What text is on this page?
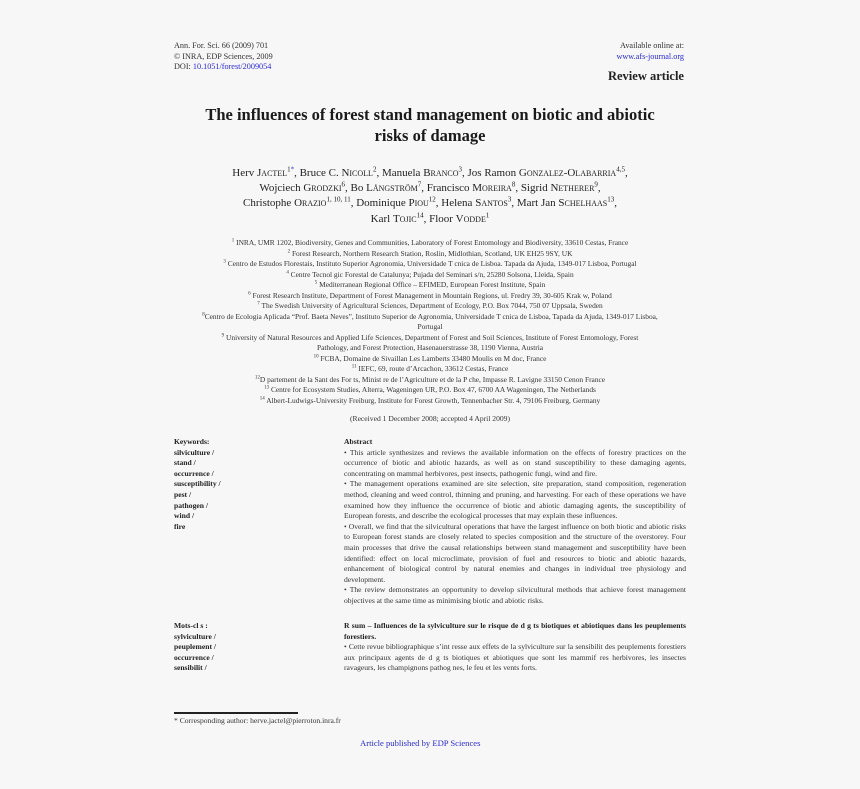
Ann. For. Sci. 66 (2009) 701
© INRA, EDP Sciences, 2009
DOI: 10.1051/forest/2009054
Available online at:
www.afs-journal.org
Review article
The influences of forest stand management on biotic and abiotic
risks of damage
Herv Jactel$^{1*}$, Bruce C. Nicoll$^2$, Manuela Branco$^3$, Jos Ramon Gonzalez-Olabarria$^{4,5}$,
Wojciech Grodzki$^6$, Bo Långström$^7$, Francisco Moreira$^8$, Sigrid Netherer$^9$,
Christophe Orazio$^{1, 10, 11}$, Dominique Piou$^{12}$, Helena Santos$^3$, Mart Jan Schelhaas$^{13}$,
Karl Tojic$^{14}$, Floor Vodde$^1$
$^1$ INRA, UMR 1202, Biodiversity, Genes and Communities, Laboratory of Forest Entomology and Biodiversity, 33610 Cestas, France
$^2$ Forest Research, Northern Research Station, Roslin, Midlothian, Scotland, UK EH25 9SY, UK
$^3$ Centro de Estudos Florestais, Instituto Superior Agronomia, Universidade T cnica de Lisboa. Tapada da Ajuda, 1349-017 Lisboa, Portugal
$^4$ Centre Tecnol gic Forestal de Catalunya; Pujada del Seminari s/n, 25280 Solsona, Lleida, Spain
$^5$ Mediterranean Regional Office – EFIMED, European Forest Institute, Spain
$^6$ Forest Research Institute, Department of Forest Management in Mountain Regions, ul. Fredry 39, 30-605 Krak w, Poland
$^7$ The Swedish University of Agricultural Sciences, Department of Ecology, P.O. Box 7044, 750 07 Uppsala, Sweden
$^8$Centro de Ecologia Aplicada “Prof. Baeta Neves”, Instituto Superior de Agronomia, Universidade T cnica de Lisboa, Tapada da Ajuda, 1349-017 Lisboa, Portugal
$^9$ University of Natural Resources and Applied Life Sciences, Department of Forest and Soil Sciences, Institute of Forest Entomology, Forest Pathology, and Forest Protection, Hasenauerstrasse 38, 1190 Vienna, Austria
$^{10}$ FCBA, Domaine de Sivaillan Les Lamberts 33480 Moulis en M doc, France
$^{11}$ IEFC, 69, route d’Arcachon, 33612 Cestas, France
$^{12}$D partement de la Sant des For ts, Minist re de l’Agriculture et de la P che, Impasse R. Lavigne 33150 Cenon France
$^{13}$ Centre for Ecosystem Studies, Alterra, Wageningen UR, P.O. Box 47, 6700 AA Wageningen, The Netherlands
$^{14}$ Albert-Ludwigs-University Freiburg, Institute for Forest Growth, Tennenbacher Str. 4, 79106 Freiburg, Germany
(Received 1 December 2008; accepted 4 April 2009)
Keywords:
silviculture /
stand /
occurrence /
susceptibility /
pest /
pathogen /
wind /
fire
Abstract

• This article synthesizes and reviews the available information on the effects of forestry practices on the occurrence of biotic and abiotic hazards, as well as on stand susceptibility to these damaging agents, concentrating on mammal herbivores, pest insects, pathogenic fungi, wind and fire.

• The management operations examined are site selection, site preparation, stand composition, regeneration method, cleaning and weed control, thinning and pruning, and harvesting. For each of these operations we have examined how they influence the occurrence of biotic and abiotic damaging agents, the susceptibility of European forests, and describe the ecological processes that may explain these influences.

• Overall, we find that the silvicultural operations that have the largest influence on both biotic and abiotic risks to European forest stands are closely related to species composition and the structure of the overstorey. Four main processes that drive the causal relationships between stand management and susceptibility have been identified: effect on local microclimate, provision of fuel and resources to biotic and abiotic hazards, enhancement of biological control by natural enemies and changes in individual tree physiology and development.

• The review demonstrates an opportunity to develop silvicultural methods that achieve forest management objectives at the same time as minimising biotic and abiotic risks.

Mots-cl s :
sylviculture /
peuplement /
occurrence /
sensibilit /
R sum – Influences de la sylviculture sur le risque de d g ts biotiques et abiotiques dans les peuplements forestiers.

• Cette revue bibliographique s’int resse aux effets de la sylviculture sur la sensibilit des peuplements forestiers aux principaux agents de d g ts biotiques et abiotiques que sont les mammif res herbivores, les insectes ravageurs, les champignons pathog nes, le feu et les vents forts.

* Corresponding author: herve.jactel@pierroton.inra.fr
Article published by EDP Sciences
